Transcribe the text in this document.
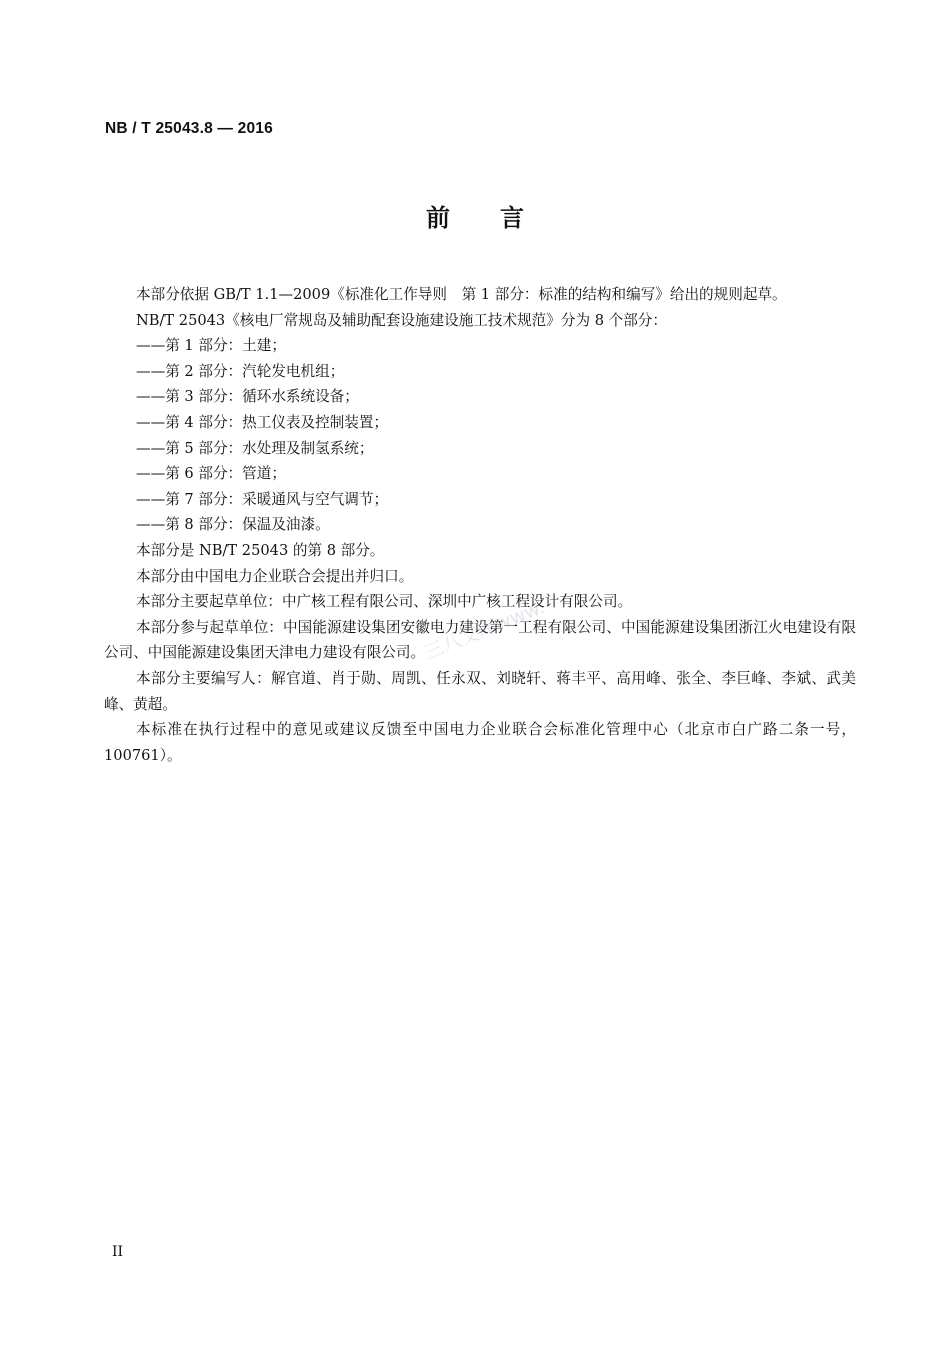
NB / T 25043.8 — 2016
前言

本部分依据 GB/T 1.1—2009《标准化工作导则　第 1 部分：标准的结构和编写》给出的规则起草。

NB/T 25043《核电厂常规岛及辅助配套设施建设施工技术规范》分为 8 个部分：

——第 1 部分：土建；
——第 2 部分：汽轮发电机组；
——第 3 部分：循环水系统设备；
——第 4 部分：热工仪表及控制装置；
——第 5 部分：水处理及制氢系统；
——第 6 部分：管道；
——第 7 部分：采暖通风与空气调节；
——第 8 部分：保温及油漆。

本部分是 NB/T 25043 的第 8 部分。

本部分由中国电力企业联合会提出并归口。

本部分主要起草单位：中广核工程有限公司、深圳中广核工程设计有限公司。

本部分参与起草单位：中国能源建设集团安徽电力建设第一工程有限公司、中国能源建设集团浙江火电建设有限公司、中国能源建设集团天津电力建设有限公司。

本部分主要编写人：解官道、肖于勋、周凯、任永双、刘晓轩、蒋丰平、高用峰、张全、李巨峰、李斌、武美峰、黄超。

本标准在执行过程中的意见或建议反馈至中国电力企业联合会标准化管理中心（北京市白广路二条一号，100761）。

三八文库www.
II
